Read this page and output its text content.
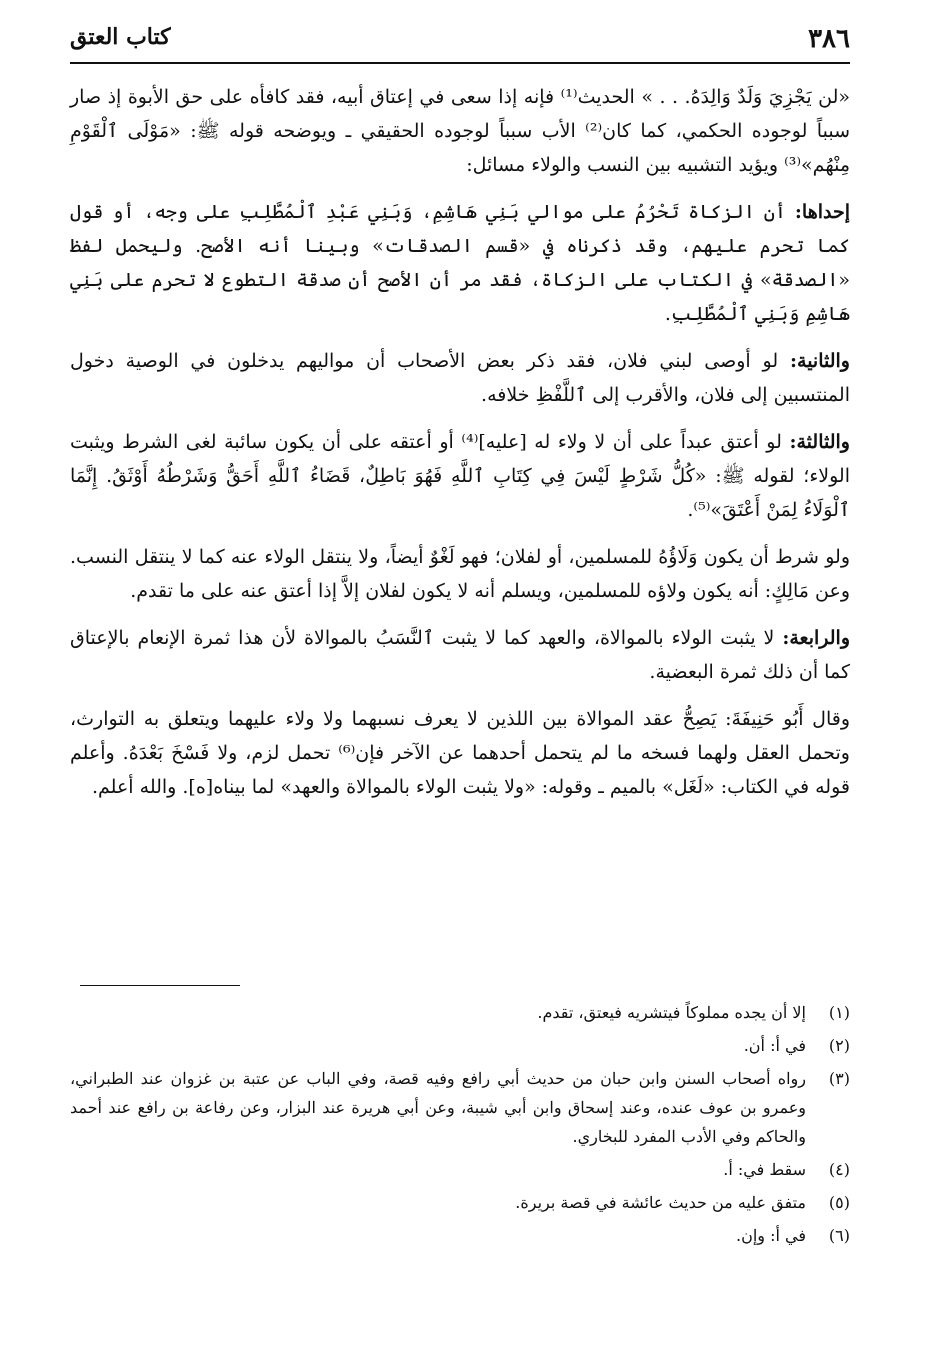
٣٨٦
كتاب العتق

«لن يَجْزِيَ وَلَدٌ وَالِدَهُ. . . » الحديث⁽¹⁾ فإنه إذا سعى في إعتاق أبيه، فقد كافأه على حق الأبوة إذ صار سبباً لوجوده الحكمي، كما كان⁽²⁾ الأب سبباً لوجوده الحقيقي ـ ويوضحه قوله ﷺ: «مَوْلَى ٱلْقَوْمِ مِنْهُم»⁽³⁾ ويؤيد التشبيه بين النسب والولاء مسائل:

إحداها: أن الزكاة تَحْرُمُ على موالي بَنِي هَاشِمِ، وَبَنِي عَبْدِ ٱلْمُطَّلِبِ على وجه، أو قول كما تحرم عليهم، وقد ذكرناه في «قسم الصدقات» وبينا أنه الأصح. وليحمل لفظ «الصدقة» في الكتاب على الزكاة، فقد مر أن الأصح أن صدقة التطوع لا تحرم على بَنِي هَاشِمِ وَبَنِي ٱلْمُطَّلِبِ.

والثانية: لو أوصى لبني فلان، فقد ذكر بعض الأصحاب أن مواليهم يدخلون في الوصية دخول المنتسبين إلى فلان، والأقرب إلى ٱللَّفْظِ خلافه.

والثالثة: لو أعتق عبداً على أن لا ولاء له [عليه]⁽⁴⁾ أو أعتقه على أن يكون سائبة لغى الشرط ويثبت الولاء؛ لقوله ﷺ: «كُلُّ شَرْطٍ لَيْسَ فِي كِتَابِ ٱللَّهِ فَهُوَ بَاطِلٌ، قَضَاءُ ٱللَّهِ أَحَقُّ وَشَرْطُهُ أَوْثَقُ. إِنَّمَا ٱلْوَلَاءُ لِمَنْ أَعْتَقَ»⁽⁵⁾.

ولو شرط أن يكون وَلَاؤُهُ للمسلمين، أو لفلان؛ فهو لَغْوٌ أيضاً، ولا ينتقل الولاء عنه كما لا ينتقل النسب. وعن مَالِكٍ: أنه يكون ولاؤه للمسلمين، ويسلم أنه لا يكون لفلان إلاَّ إذا أعتق عنه على ما تقدم.

والرابعة: لا يثبت الولاء بالموالاة، والعهد كما لا يثبت ٱلنَّسَبُ بالموالاة لأن هذا ثمرة الإنعام بالإعتاق كما أن ذلك ثمرة البعضية.

وقال أَبُو حَنِيفَةَ: يَصِحُّ عقد الموالاة بين اللذين لا يعرف نسبهما ولا ولاء عليهما ويتعلق به التوارث، وتحمل العقل ولهما فسخه ما لم يتحمل أحدهما عن الآخر فإن⁽⁶⁾ تحمل لزم، ولا فَسْخَ بَعْدَهُ. وأعلم قوله في الكتاب: «لَغَل» بالميم ـ وقوله: «ولا يثبت الولاء بالموالاة والعهد» لما بيناه[ه]. والله أعلم.

(١)
إلا أن يجده مملوكاً فيتشريه فيعتق، تقدم.
(٢)
في أ: أن.
(٣)
رواه أصحاب السنن وابن حبان من حديث أبي رافع وفيه قصة، وفي الباب عن عتبة بن غزوان عند الطبراني، وعمرو بن عوف عنده، وعند إسحاق وابن أبي شيبة، وعن أبي هريرة عند البزار، وعن رفاعة بن رافع عند أحمد والحاكم وفي الأدب المفرد للبخاري.
(٤)
سقط في: أ.
(٥)
متفق عليه من حديث عائشة في قصة بريرة.
(٦)
في أ: وإن.
